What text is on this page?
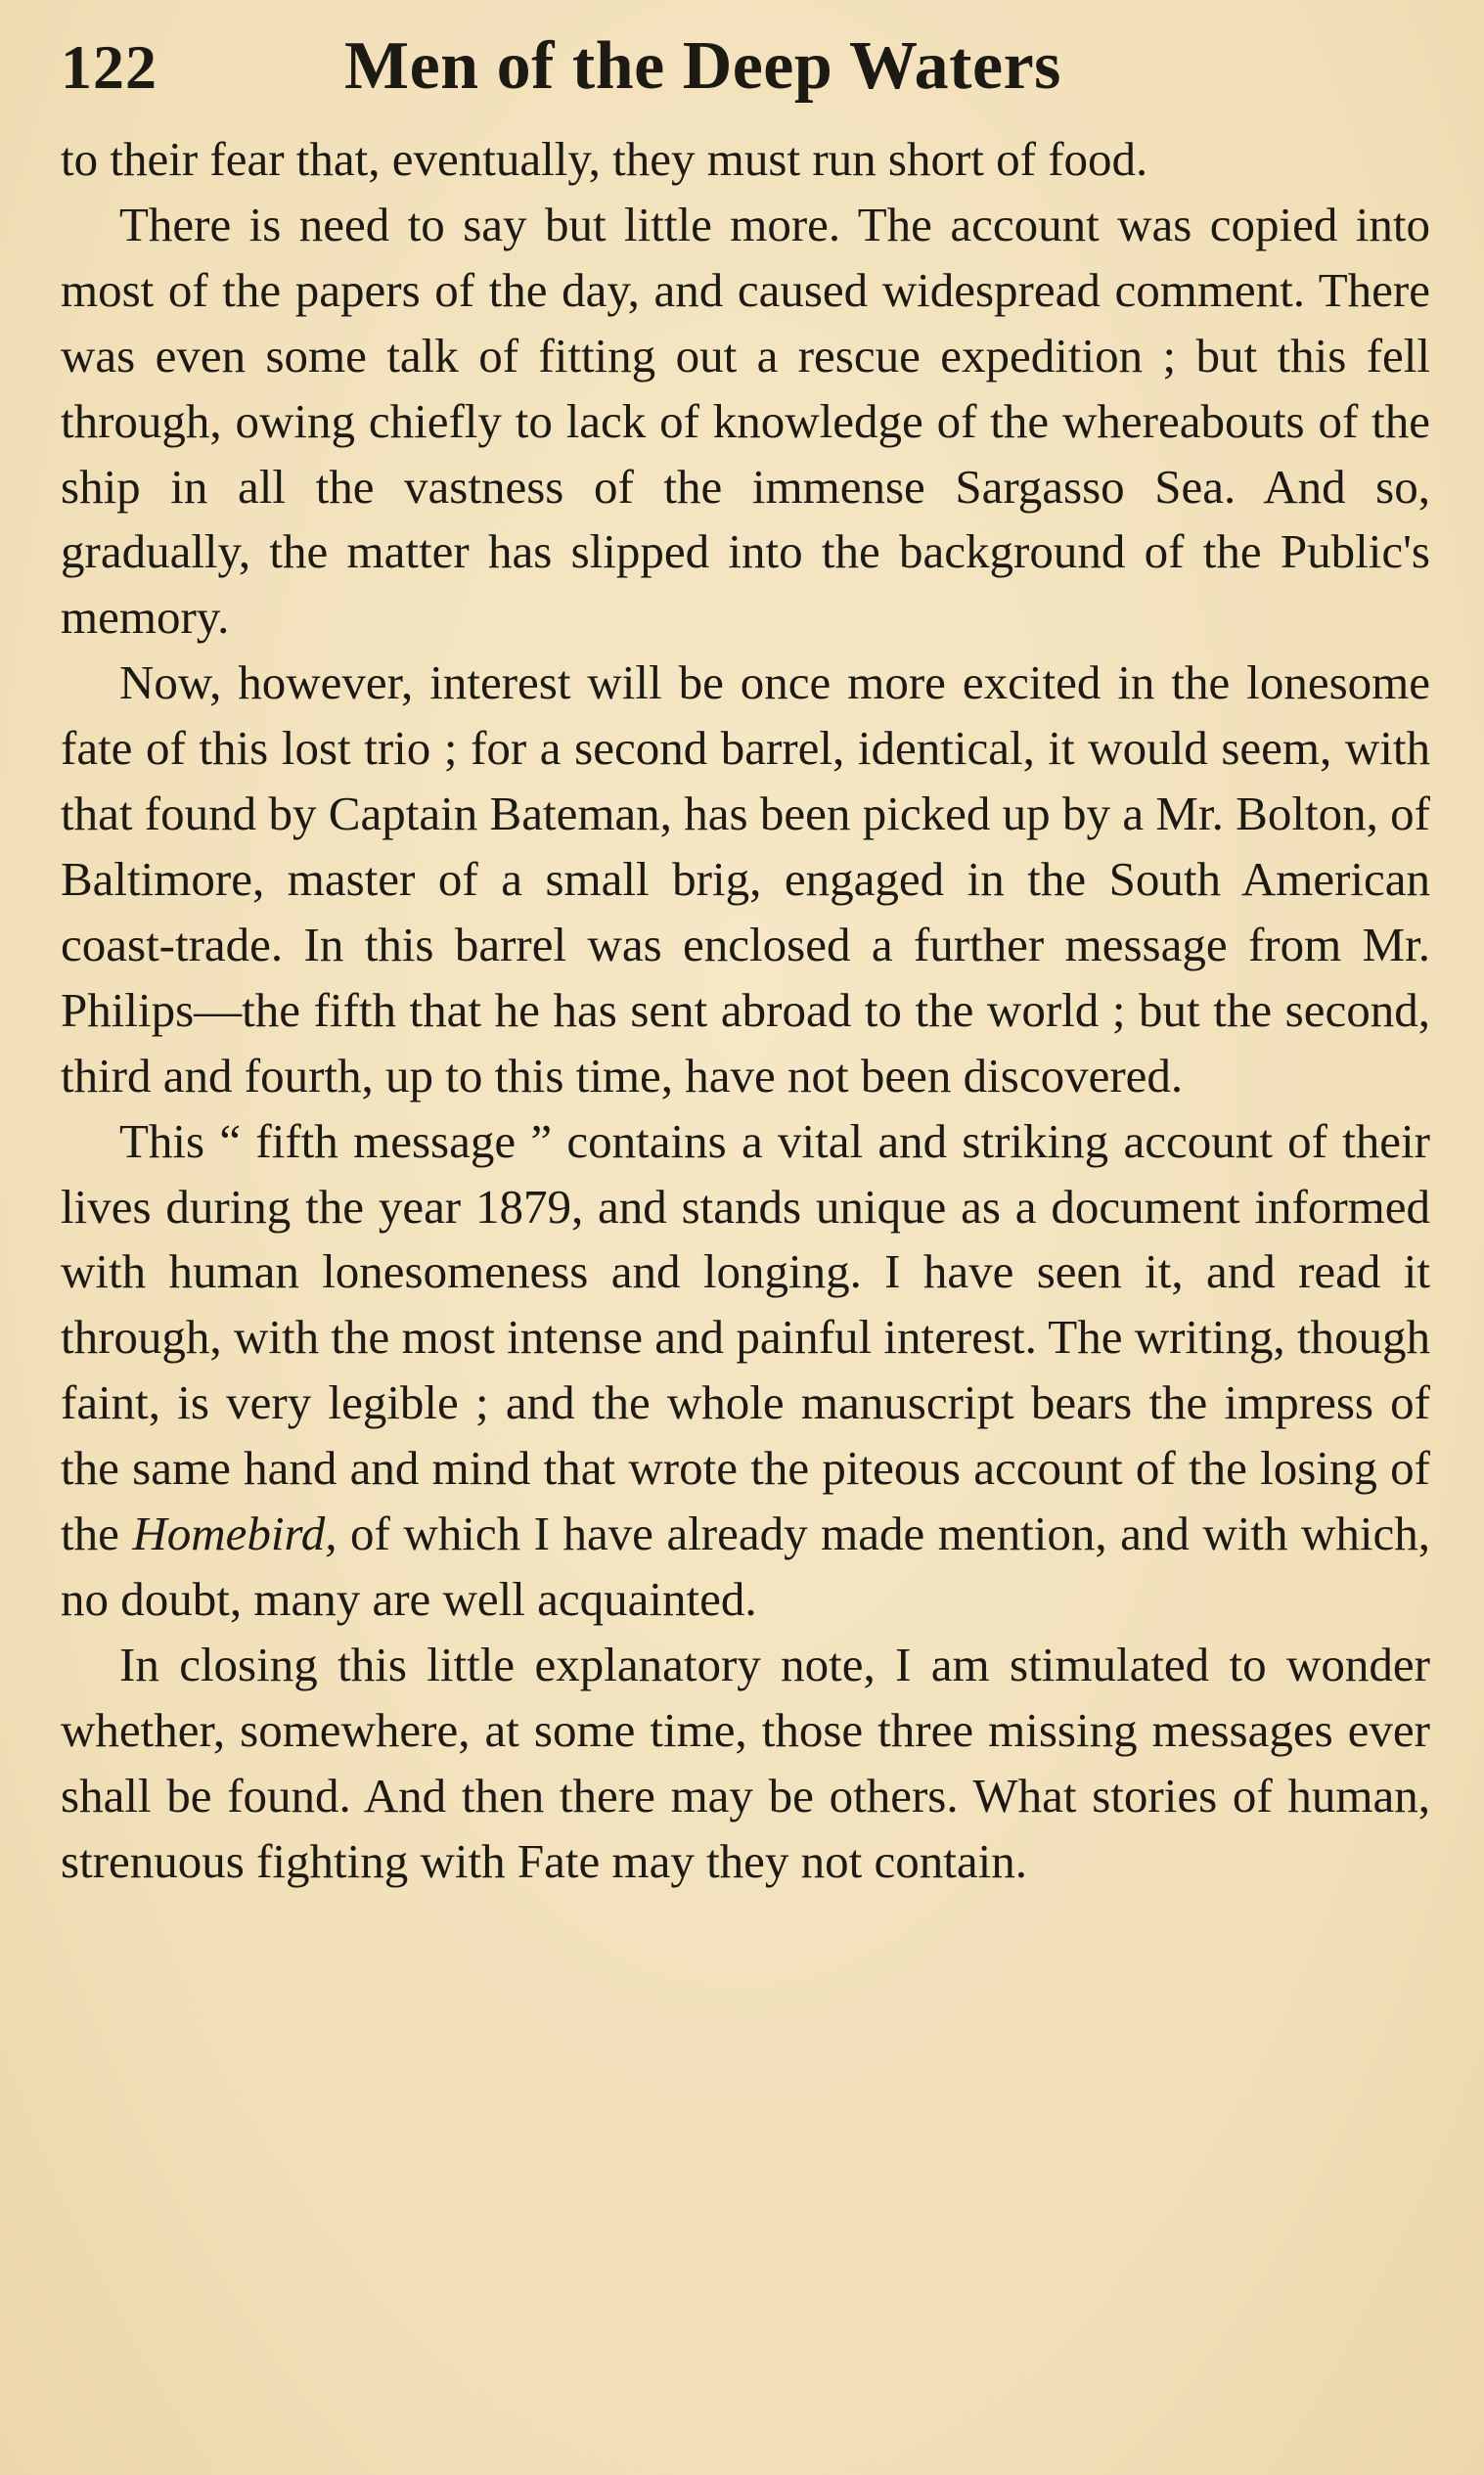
122	Men of the Deep Waters

to their fear that, eventually, they must run short of food.

There is need to say but little more. The account was copied into most of the papers of the day, and caused widespread comment. There was even some talk of fitting out a rescue expedition ; but this fell through, owing chiefly to lack of knowledge of the whereabouts of the ship in all the vastness of the immense Sargasso Sea. And so, gradually, the matter has slipped into the background of the Public's memory.

Now, however, interest will be once more excited in the lonesome fate of this lost trio ; for a second barrel, identical, it would seem, with that found by Captain Bateman, has been picked up by a Mr. Bolton, of Baltimore, master of a small brig, engaged in the South American coast-trade. In this barrel was enclosed a further message from Mr. Philips—the fifth that he has sent abroad to the world ; but the second, third and fourth, up to this time, have not been discovered.

This “ fifth message ” contains a vital and striking account of their lives during the year 1879, and stands unique as a document informed with human lonesomeness and longing. I have seen it, and read it through, with the most intense and painful interest. The writing, though faint, is very legible ; and the whole manuscript bears the impress of the same hand and mind that wrote the piteous account of the losing of the Homebird, of which I have already made mention, and with which, no doubt, many are well acquainted.

In closing this little explanatory note, I am stimulated to wonder whether, somewhere, at some time, those three missing messages ever shall be found. And then there may be others. What stories of human, strenuous fighting with Fate may they not contain.
